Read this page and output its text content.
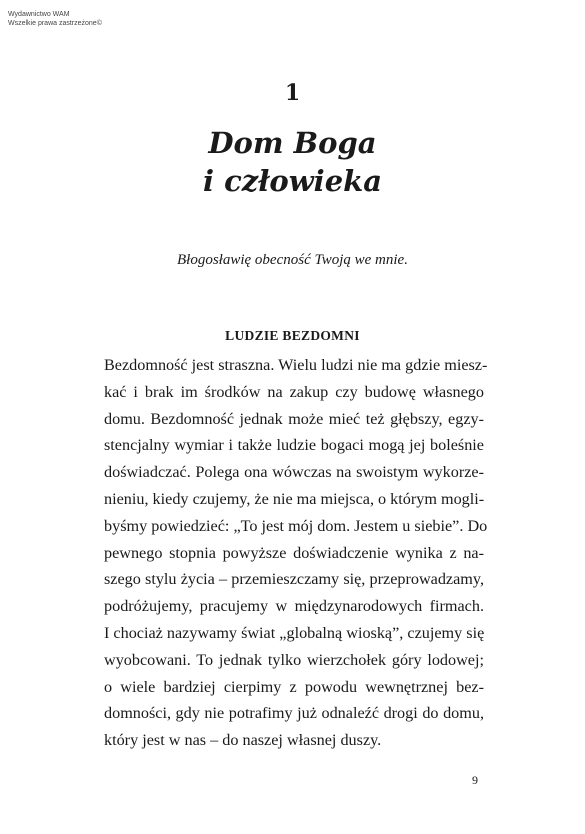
Wydawnictwo WAM
Wszelkie prawa zastrzeżone©
1
Dom Boga
i człowieka
Błogosławię obecność Twoją we mnie.
LUDZIE BEZDOMNI
Bezdomność jest straszna. Wielu ludzi nie ma gdzie miesz-
kać i brak im środków na zakup czy budowę własnego
domu. Bezdomność jednak może mieć też głębszy, egzy-
stencjalny wymiar i także ludzie bogaci mogą jej boleśnie
doświadczać. Polega ona wówczas na swoistym wykorze-
nieniu, kiedy czujemy, że nie ma miejsca, o którym mogli-
byśmy powiedzieć: „To jest mój dom. Jestem u siebie”. Do
pewnego stopnia powyższe doświadczenie wynika z na-
szego stylu życia – przemieszczamy się, przeprowadzamy,
podróżujemy, pracujemy w międzynarodowych firmach.
I chociaż nazywamy świat „globalną wioską”, czujemy się
wyobcowani. To jednak tylko wierzchołek góry lodowej;
o wiele bardziej cierpimy z powodu wewnętrznej bez-
domności, gdy nie potrafimy już odnaleźć drogi do domu,
który jest w nas – do naszej własnej duszy.
9
